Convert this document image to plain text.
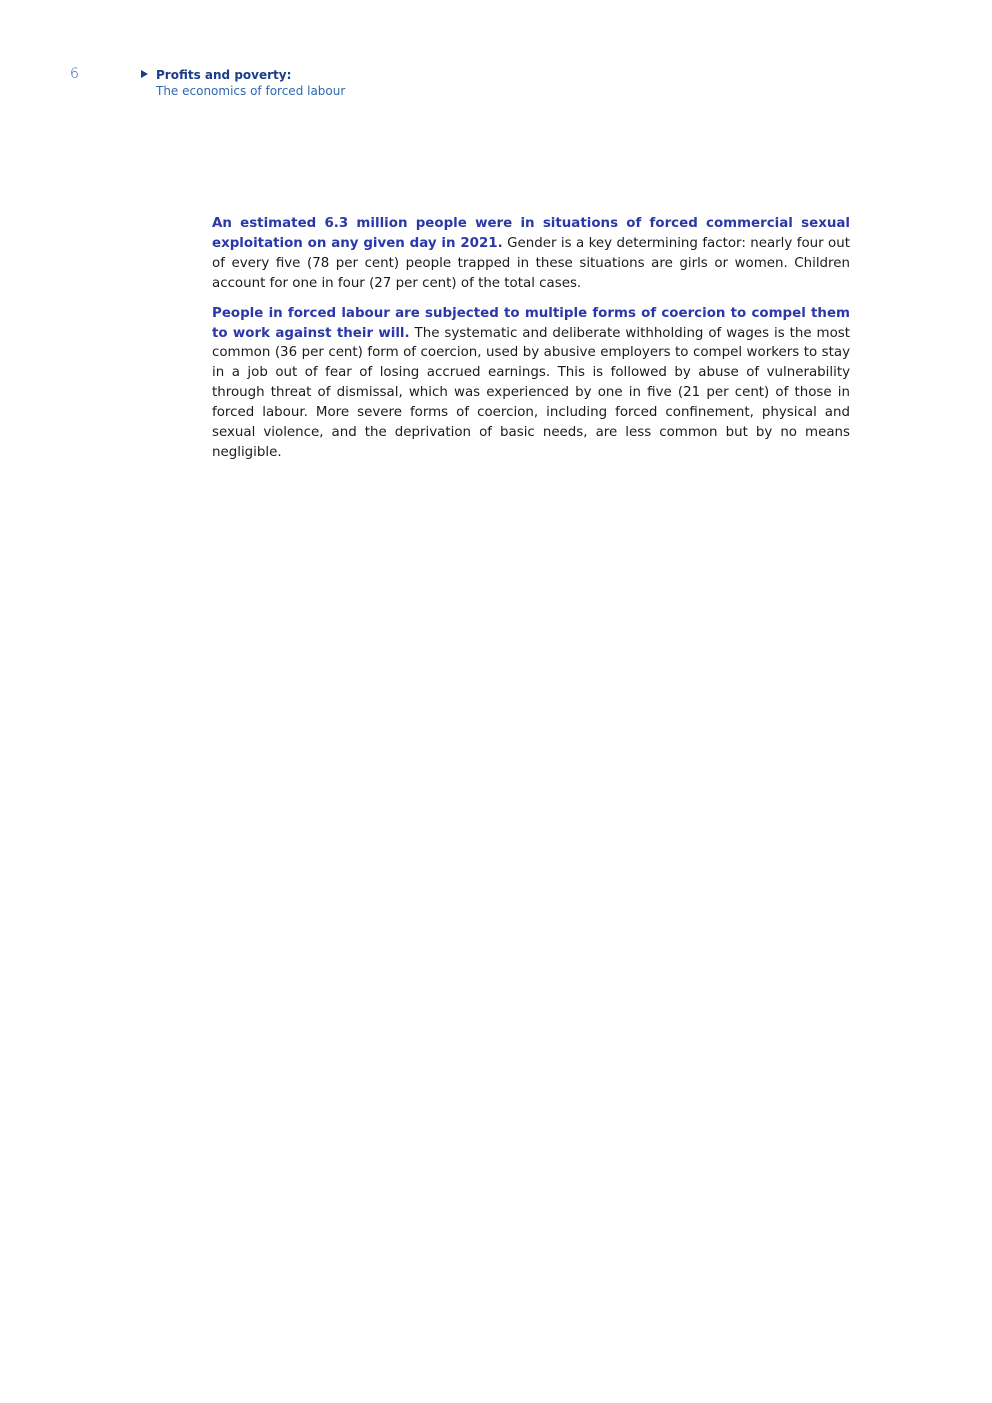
6	Profits and poverty:
The economics of forced labour

An estimated 6.3 million people were in situations of forced commercial sexual exploitation on any given day in 2021. Gender is a key determining factor: nearly four out of every five (78 per cent) people trapped in these situations are girls or women. Children account for one in four (27 per cent) of the total cases.

People in forced labour are subjected to multiple forms of coercion to compel them to work against their will. The systematic and deliberate withholding of wages is the most common (36 per cent) form of coercion, used by abusive employers to compel workers to stay in a job out of fear of losing accrued earnings. This is followed by abuse of vulnerability through threat of dismissal, which was experienced by one in five (21 per cent) of those in forced labour. More severe forms of coercion, including forced confinement, physical and sexual violence, and the deprivation of basic needs, are less common but by no means negligible.
